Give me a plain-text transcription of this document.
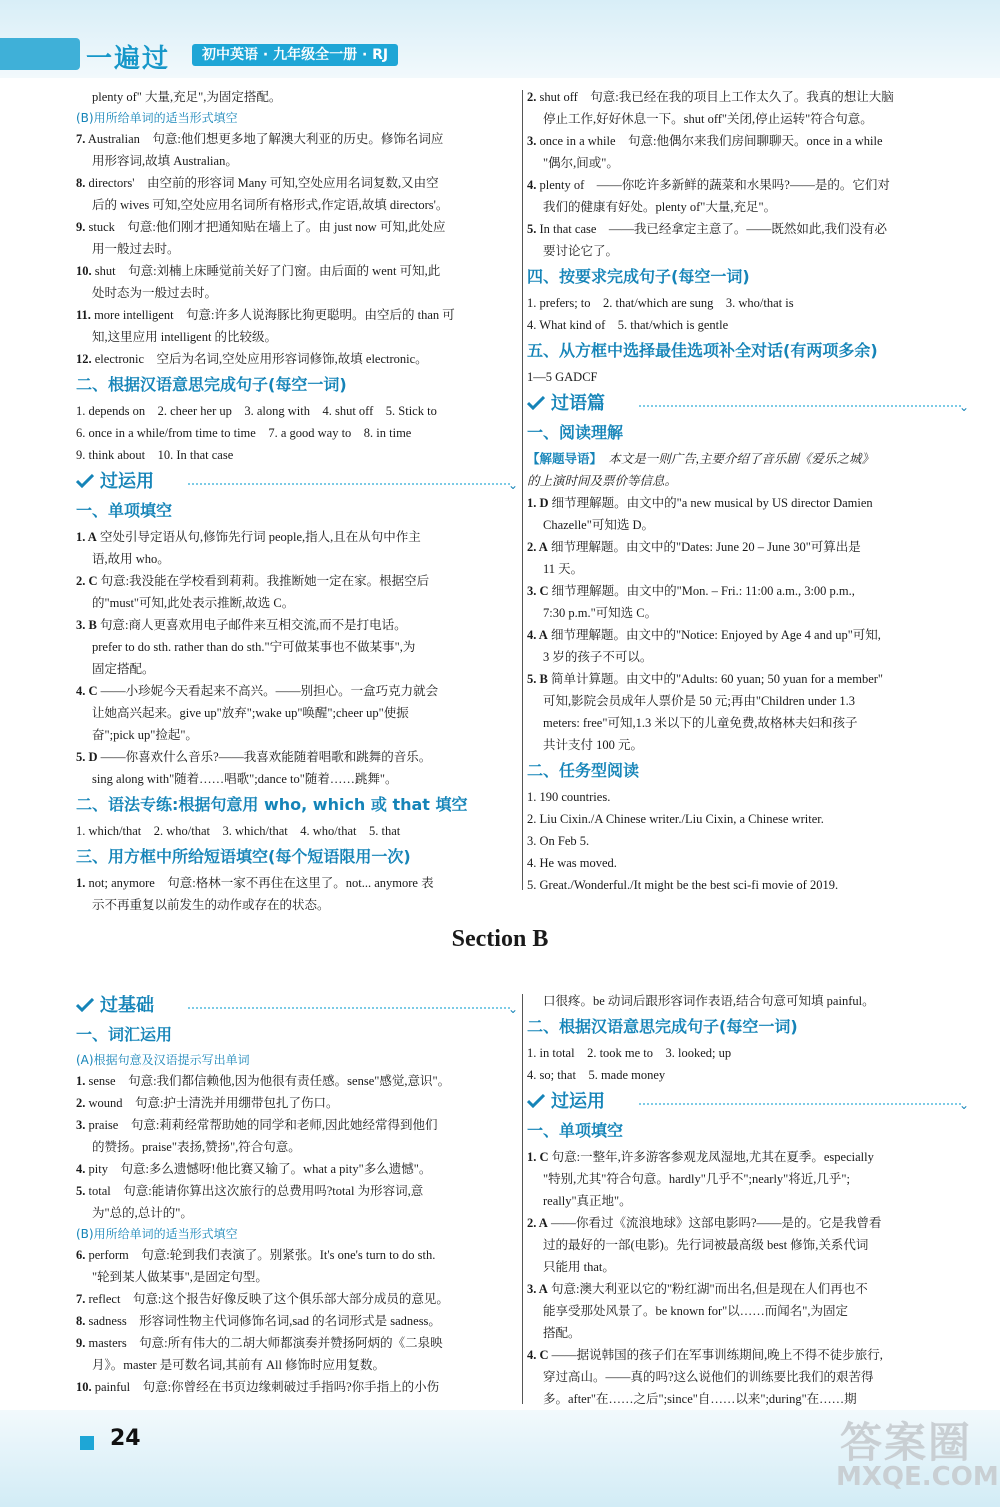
一遍过	初中英语 · 九年级全一册 · RJ

plenty of" 大量,充足",为固定搭配。

(B)用所给单词的适当形式填空

7. Australian　句意:他们想更多地了解澳大利亚的历史。修饰名词应

用形容词,故填 Australian。

8. directors'　由空前的形容词 Many 可知,空处应用名词复数,又由空

后的 wives 可知,空处应用名词所有格形式,作定语,故填 directors'。

9. stuck　句意:他们刚才把通知贴在墙上了。由 just now 可知,此处应

用一般过去时。

10. shut　句意:刘楠上床睡觉前关好了门窗。由后面的 went 可知,此

处时态为一般过去时。

11. more intelligent　句意:许多人说海豚比狗更聪明。由空后的 than 可

知,这里应用 intelligent 的比较级。

12. electronic　空后为名词,空处应用形容词修饰,故填 electronic。

二、根据汉语意思完成句子(每空一词)

1. depends on　2. cheer her up　3. along with　4. shut off　5. Stick to

6. once in a while/from time to time　7. a good way to　8. in time

9. think about　10. In that case

过运用	⌄
一、单项填空

1. A 空处引导定语从句,修饰先行词 people,指人,且在从句中作主

语,故用 who。

2. C 句意:我没能在学校看到莉莉。我推断她一定在家。根据空后

的"must"可知,此处表示推断,故选 C。

3. B 句意:商人更喜欢用电子邮件来互相交流,而不是打电话。

prefer to do sth. rather than do sth."宁可做某事也不做某事",为

固定搭配。

4. C ——小珍妮今天看起来不高兴。——别担心。一盒巧克力就会

让她高兴起来。give up"放弃";wake up"唤醒";cheer up"使振

奋";pick up"捡起"。

5. D ——你喜欢什么音乐?——我喜欢能随着唱歌和跳舞的音乐。

sing along with"随着……唱歌";dance to"随着……跳舞"。

二、语法专练:根据句意用 who, which 或 that 填空

1. which/that　2. who/that　3. which/that　4. who/that　5. that

三、用方框中所给短语填空(每个短语限用一次)

1. not; anymore　句意:格林一家不再住在这里了。not... anymore 表

示不再重复以前发生的动作或存在的状态。

2. shut off　句意:我已经在我的项目上工作太久了。我真的想让大脑

停止工作,好好休息一下。shut off"关闭,停止运转"符合句意。

3. once in a while　句意:他偶尔来我们房间聊聊天。once in a while

"偶尔,间或"。

4. plenty of　——你吃许多新鲜的蔬菜和水果吗?——是的。它们对

我们的健康有好处。plenty of"大量,充足"。

5. In that case　——我已经拿定主意了。——既然如此,我们没有必

要讨论它了。

四、按要求完成句子(每空一词)

1. prefers; to　2. that/which are sung　3. who/that is

4. What kind of　5. that/which is gentle

五、从方框中选择最佳选项补全对话(有两项多余)

1—5 GADCF

过语篇	⌄
一、阅读理解

【解题导语】　 本文是一则广告,主要介绍了音乐剧《爱乐之城》

的上演时间及票价等信息。

1. D 细节理解题。由文中的"a new musical by US director Damien

Chazelle"可知选 D。

2. A 细节理解题。由文中的"Dates: June 20 – June 30"可算出是

11 天。

3. C 细节理解题。由文中的"Mon. – Fri.: 11:00 a.m., 3:00 p.m.,

7:30 p.m."可知选 C。

4. A 细节理解题。由文中的"Notice: Enjoyed by Age 4 and up"可知,

3 岁的孩子不可以。

5. B 简单计算题。由文中的"Adults: 60 yuan; 50 yuan for a member"

可知,影院会员成年人票价是 50 元;再由"Children under 1.3

meters: free"可知,1.3 米以下的儿童免费,故格林夫妇和孩子

共计支付 100 元。

二、任务型阅读

1. 190 countries.

2. Liu Cixin./A Chinese writer./Liu Cixin, a Chinese writer.

3. On Feb 5.

4. He was moved.

5. Great./Wonderful./It might be the best sci-fi movie of 2019.

Section B
过基础	⌄
一、词汇运用
(A)根据句意及汉语提示写出单词

1. sense　句意:我们都信赖他,因为他很有责任感。sense"感觉,意识"。

2. wound　句意:护士清洗并用绷带包扎了伤口。

3. praise　句意:莉莉经常帮助她的同学和老师,因此她经常得到他们

的赞扬。praise"表扬,赞扬",符合句意。

4. pity　句意:多么遗憾呀!他比赛又输了。what a pity"多么遗憾"。

5. total　句意:能请你算出这次旅行的总费用吗?total 为形容词,意

为"总的,总计的"。

(B)用所给单词的适当形式填空

6. perform　句意:轮到我们表演了。别紧张。It's one's turn to do sth.

"轮到某人做某事",是固定句型。

7. reflect　句意:这个报告好像反映了这个俱乐部大部分成员的意见。

8. sadness　形容词性物主代词修饰名词,sad 的名词形式是 sadness。

9. masters　句意:所有伟大的二胡大师都演奏并赞扬阿炳的《二泉映

月》。master 是可数名词,其前有 All 修饰时应用复数。

10. painful　句意:你曾经在书页边缘刺破过手指吗?你手指上的小伤

口很疼。be 动词后跟形容词作表语,结合句意可知填 painful。

二、根据汉语意思完成句子(每空一词)

1. in total　2. took me to　3. looked; up

4. so; that　5. made money

过运用	⌄
一、单项填空

1. C 句意:一整年,许多游客参观龙凤湿地,尤其在夏季。especially

"特别,尤其"符合句意。hardly"几乎不";nearly"将近,几乎";

really"真正地"。

2. A ——你看过《流浪地球》这部电影吗?——是的。它是我曾看

过的最好的一部(电影)。先行词被最高级 best 修饰,关系代词

只能用 that。

3. A 句意:澳大利亚以它的"粉红湖"而出名,但是现在人们再也不

能享受那处风景了。be known for"以……而闻名",为固定

搭配。

4. C ——据说韩国的孩子们在军事训练期间,晚上不得不徒步旅行,

穿过高山。——真的吗?这么说他们的训练要比我们的艰苦得

多。after"在……之后";since"自……以来";during"在……期

24	答案圈
MXQE.COM
